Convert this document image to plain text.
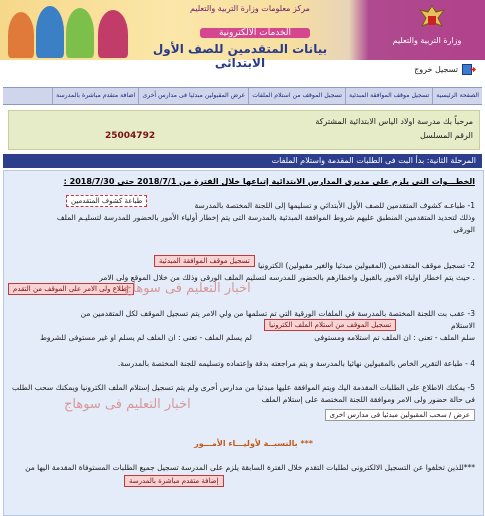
مركز معلومات وزارة التربية والتعليم
الخدمات الالكترونية
بيانات المتقدمين للصف الأول الابتدائى
وزارة التربية والتعليم
تسجيل خروج
الصفحة الرئيسية
تسجيل موقف الموافقة المبدئية
تسجيل الموقف من استلام الملفات
عرض المقبولين مبدئيا فى مدارس أخرى
اضافة متقدم مباشرة بالمدرسة
مرحباً بك مدرسة اولاد الياس الابتدائية المشتركة
الرقم المسلسل
25004792
المرحلة الثانية: بدأ البت فى الطلبات المقدمة واستلام الملفات
الخطـــوات التى يلزم على مديرى المدارس الابتدائية إتباعها خلال الفترة من 2018/7/1 حتى 2018/7/30 :
1- طباعـه كشوف المتقدمين للصف الأول الأبتدائي و تسليمها إلى اللجنة المختصة بالمدرسة
طباعة كشوف المتقدمين
وذلك لتحديد المتقدمين المنطبق عليهم شروط الموافقة المبدئية بالمدرسة التى يتم إخطار أولياء الأمور بالحضور للمدرسة لتسليـم الملف
الورقى
2- تسجيل موقف المتقدمين (المقبولين مبدئيا والغير مقبولين) الكترونيا
تسجيل موقف الموافقة المبدئية
. حيث يتم اخطار اولياء الامور بالقبول واخطارهم بالحضور للمدرسه لتسليم الملف الورقى وذلك من خلال الموقع ولى الامر
إطلاع ولى الامر على الموقف من التقدم
اخبار التعليم فى سوهاج
3- عقب بت اللجنة المختصة بالمدرسة في الملفات الورقية التي تم تسلمها من ولي الامر يتم تسجيل الموقف لكل المتقدمين من
الاستلام
تسجيل الموقف من استلام الملف الكترونيا
سلم الملف - تعنى : ان الملف تم استلامه ومستوفى
لم يسلم الملف - تعنى : ان الملف لم يسلم او غير مستوفى للشروط
4 - طباعة التقرير الخاص بالمقبولين نهائيا بالمدرسة و يتم مراجعته بدقة وإعتماده وتسليمه للجنة المختصة بالمدرسة.
5- يمكنك الاطلاع على الطلبات المقدمة اليك ويتم الموافقة عليها مبدئيا من مدارس أخرى ولم يتم تسجيل إستلام الملف الكترونيا ويمكنك سحب الطلب
فى حالة حضور ولى الامر وموافقة اللجنة المختصة على إستلام الملف
عرض / سحب المقبولين مبدئيا فى مدارس اخرى
اخبار التعليم فى سوهاج
*** بالنسبــة لأوليـــاء الأمـــور
***للذين تخلفوا عن التسجيل الالكترونى لطلبات التقدم خلال الفترة السابقة يلزم على المدرسة تسجيل جميع الطلبات المستوفاة المقدمة اليها من
إضافة متقدم مباشرة بالمدرسة
